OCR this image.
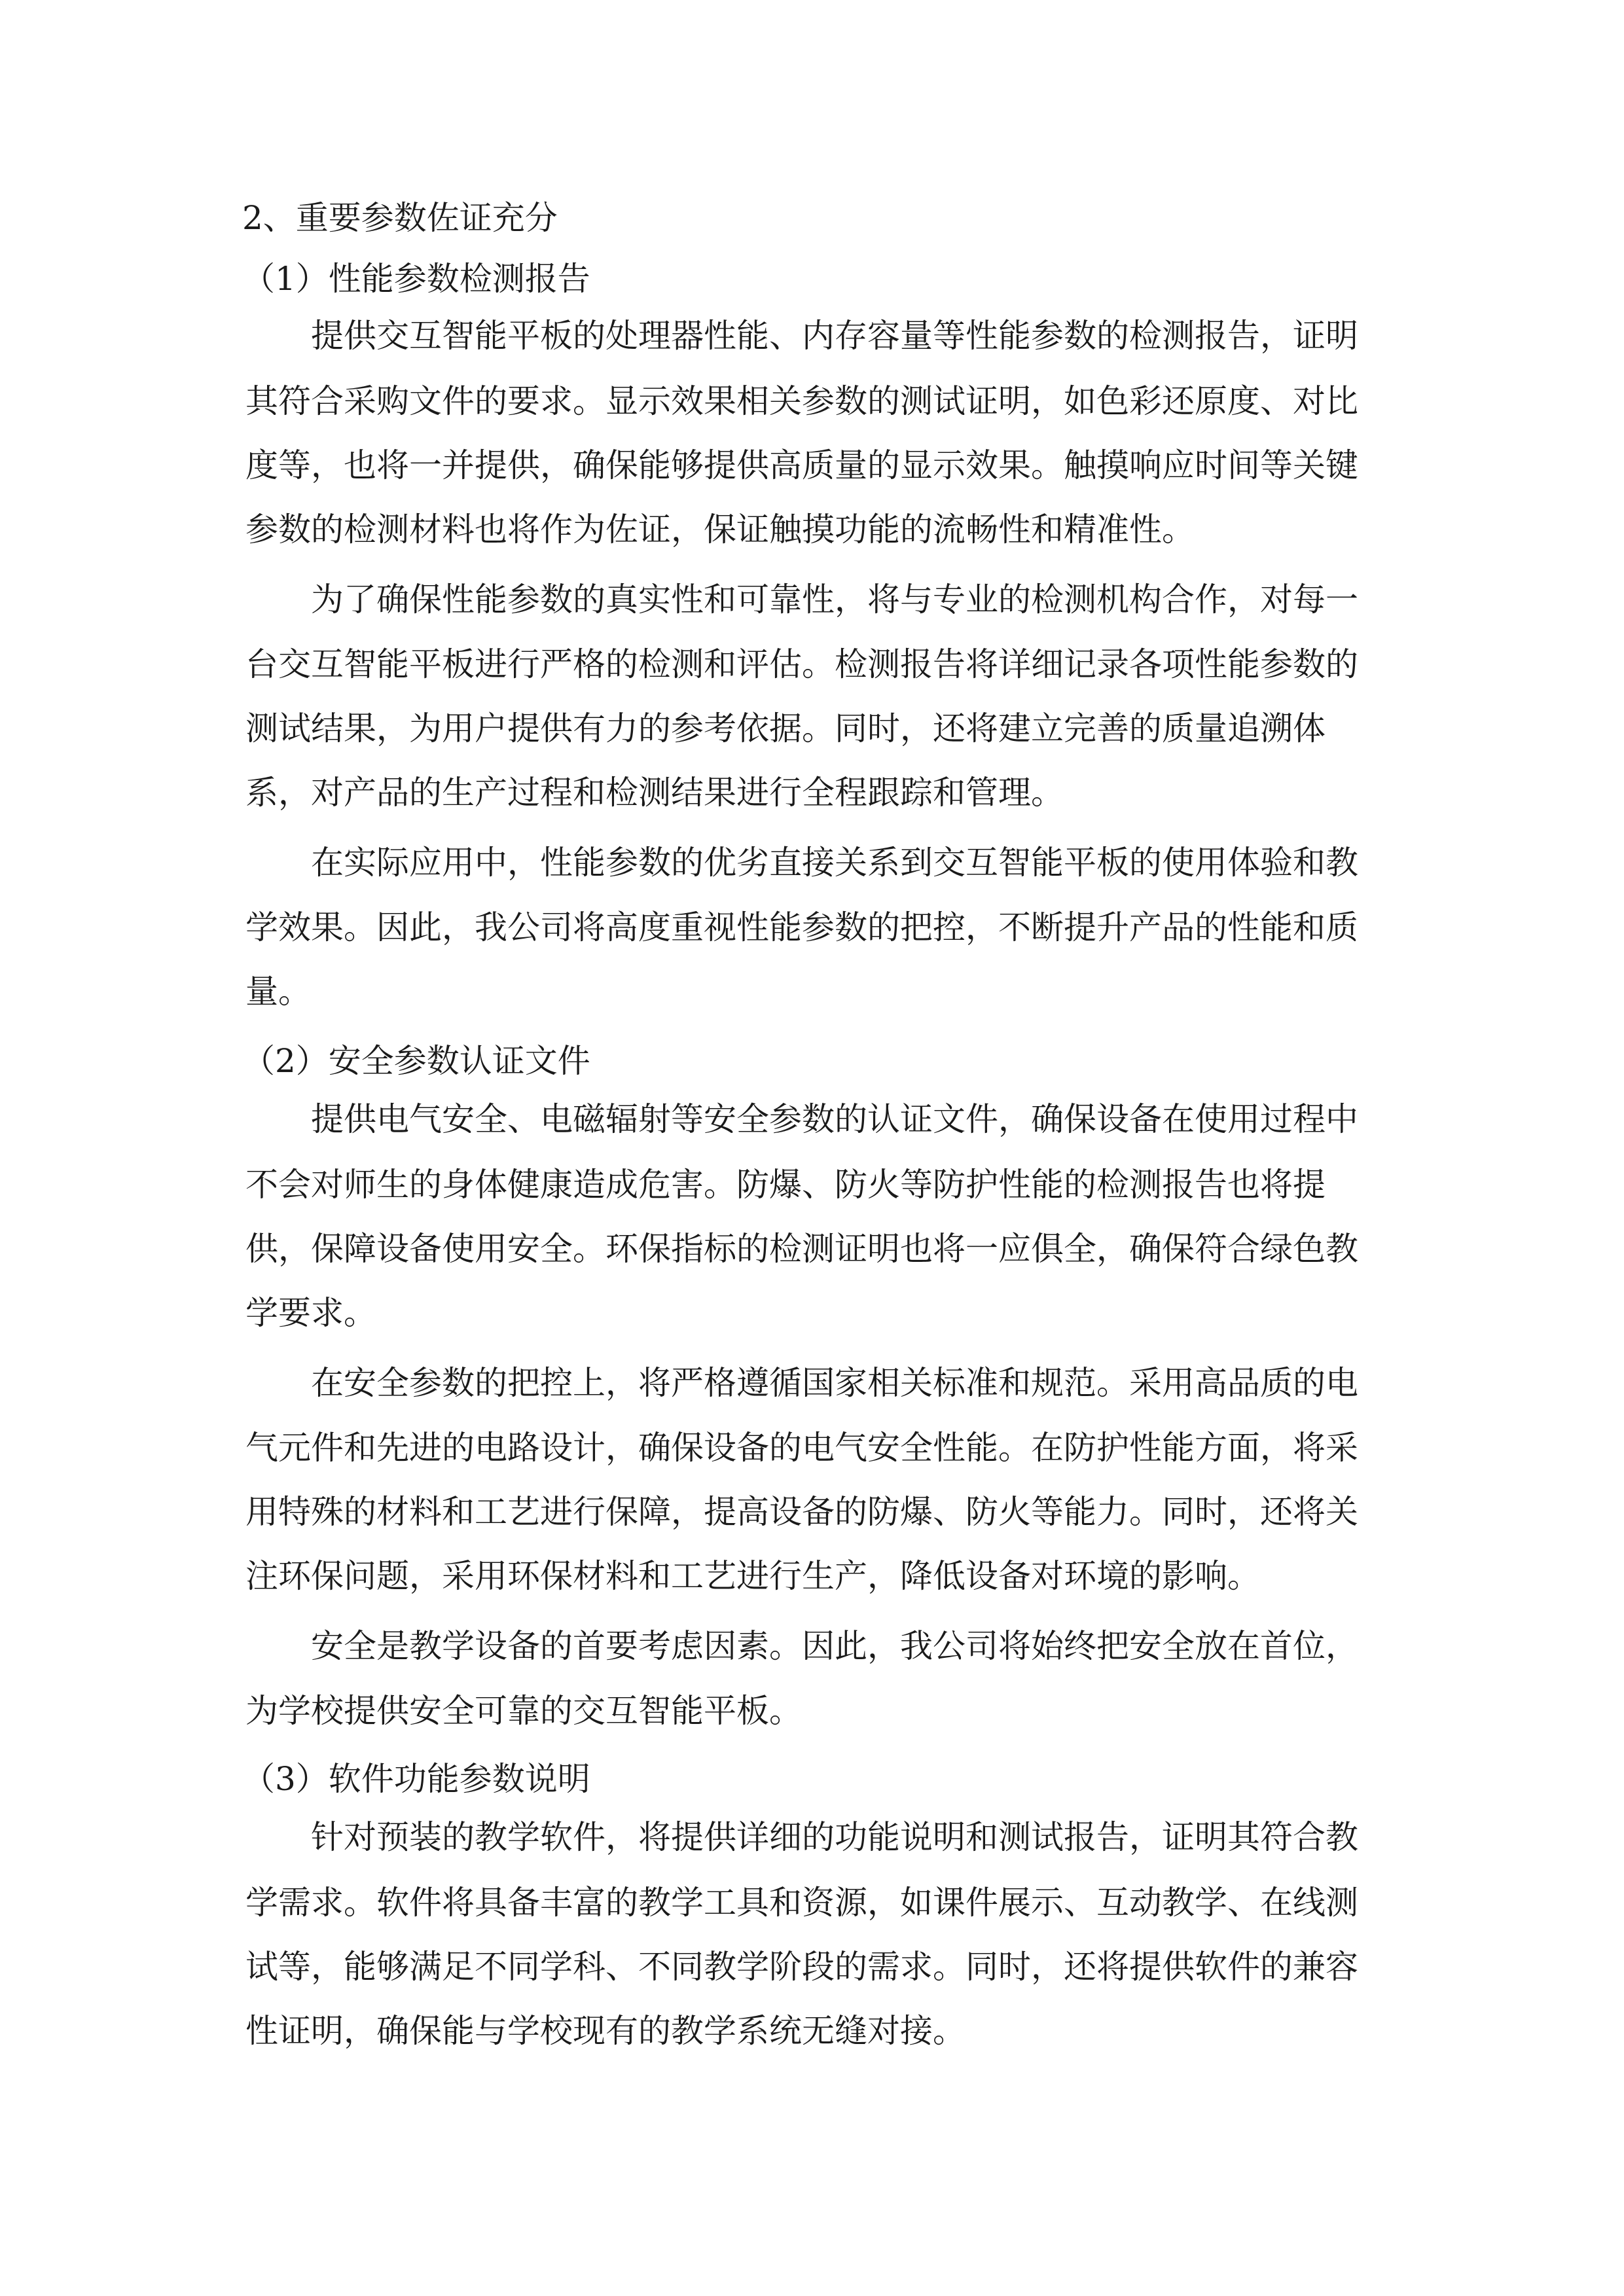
2、重要参数佐证充分
（1）性能参数检测报告
提供交互智能平板的处理器性能、内存容量等性能参数的检测报告，证明
其符合采购文件的要求。显示效果相关参数的测试证明，如色彩还原度、对比
度等，也将一并提供，确保能够提供高质量的显示效果。触摸响应时间等关键
参数的检测材料也将作为佐证，保证触摸功能的流畅性和精准性。
为了确保性能参数的真实性和可靠性，将与专业的检测机构合作，对每一
台交互智能平板进行严格的检测和评估。检测报告将详细记录各项性能参数的
测试结果，为用户提供有力的参考依据。同时，还将建立完善的质量追溯体
系，对产品的生产过程和检测结果进行全程跟踪和管理。
在实际应用中，性能参数的优劣直接关系到交互智能平板的使用体验和教
学效果。因此，我公司将高度重视性能参数的把控，不断提升产品的性能和质
量。
（2）安全参数认证文件
提供电气安全、电磁辐射等安全参数的认证文件，确保设备在使用过程中
不会对师生的身体健康造成危害。防爆、防火等防护性能的检测报告也将提
供，保障设备使用安全。环保指标的检测证明也将一应俱全，确保符合绿色教
学要求。
在安全参数的把控上，将严格遵循国家相关标准和规范。采用高品质的电
气元件和先进的电路设计，确保设备的电气安全性能。在防护性能方面，将采
用特殊的材料和工艺进行保障，提高设备的防爆、防火等能力。同时，还将关
注环保问题，采用环保材料和工艺进行生产，降低设备对环境的影响。
安全是教学设备的首要考虑因素。因此，我公司将始终把安全放在首位，
为学校提供安全可靠的交互智能平板。
（3）软件功能参数说明
针对预装的教学软件，将提供详细的功能说明和测试报告，证明其符合教
学需求。软件将具备丰富的教学工具和资源，如课件展示、互动教学、在线测
试等，能够满足不同学科、不同教学阶段的需求。同时，还将提供软件的兼容
性证明，确保能与学校现有的教学系统无缝对接。
